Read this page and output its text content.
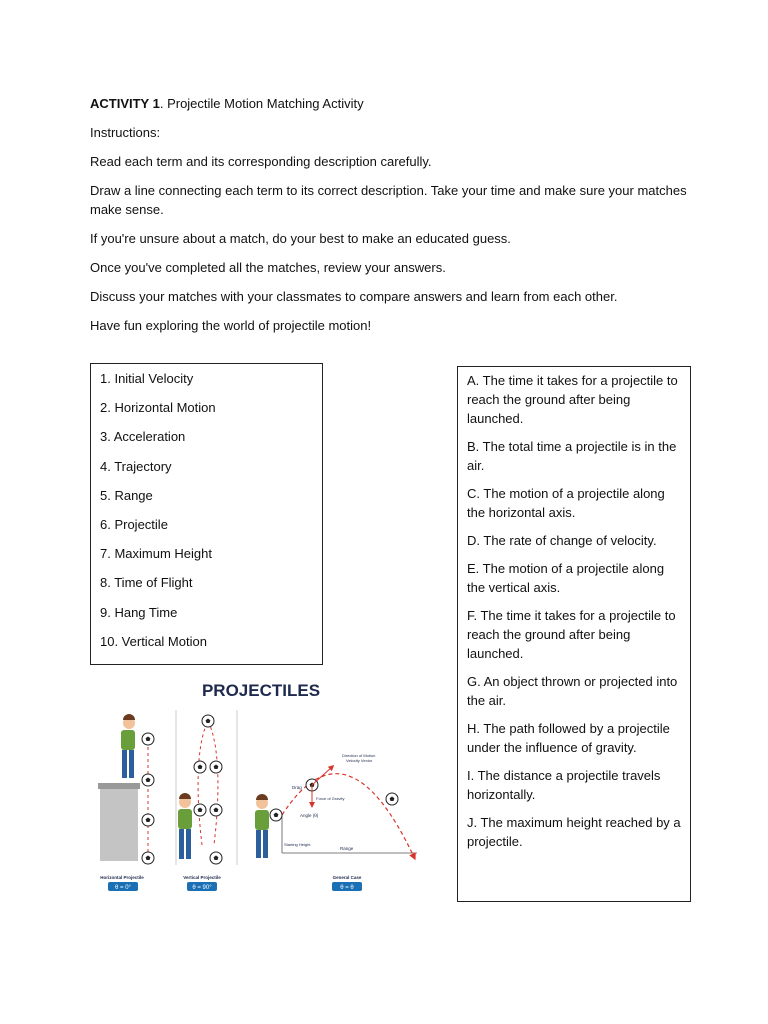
ACTIVITY 1. Projectile Motion Matching Activity
Instructions:
Read each term and its corresponding description carefully.
Draw a line connecting each term to its correct description. Take your time and make sure your matches make sense.
If you're unsure about a match, do your best to make an educated guess.
Once you've completed all the matches, review your answers.
Discuss your matches with your classmates to compare answers and learn from each other.
Have fun exploring the world of projectile motion!
1. Initial Velocity
2. Horizontal Motion
3. Acceleration
4. Trajectory
5. Range
6. Projectile
7. Maximum Height
8. Time of Flight
9. Hang Time
10. Vertical Motion
A. The time it takes for a projectile to reach the ground after being launched.
B. The total time a projectile is in the air.
C. The motion of a projectile along the horizontal axis.
D. The rate of change of velocity.
E. The motion of a projectile along the vertical axis.
F. The time it takes for a projectile to reach the ground after being launched.
G. An object thrown or projected into the air.
H. The path followed by a projectile under the influence of gravity.
I. The distance a projectile travels horizontally.
J. The maximum height reached by a projectile.
PROJECTILES
Horizontal Projectile
θ = 0°
Vertical Projectile
θ = 90°
Direction of Motion
Velocity Vector
Drag
Force of Gravity
Angle (θ)
Starting Height
Range
General Case
θ = θ
